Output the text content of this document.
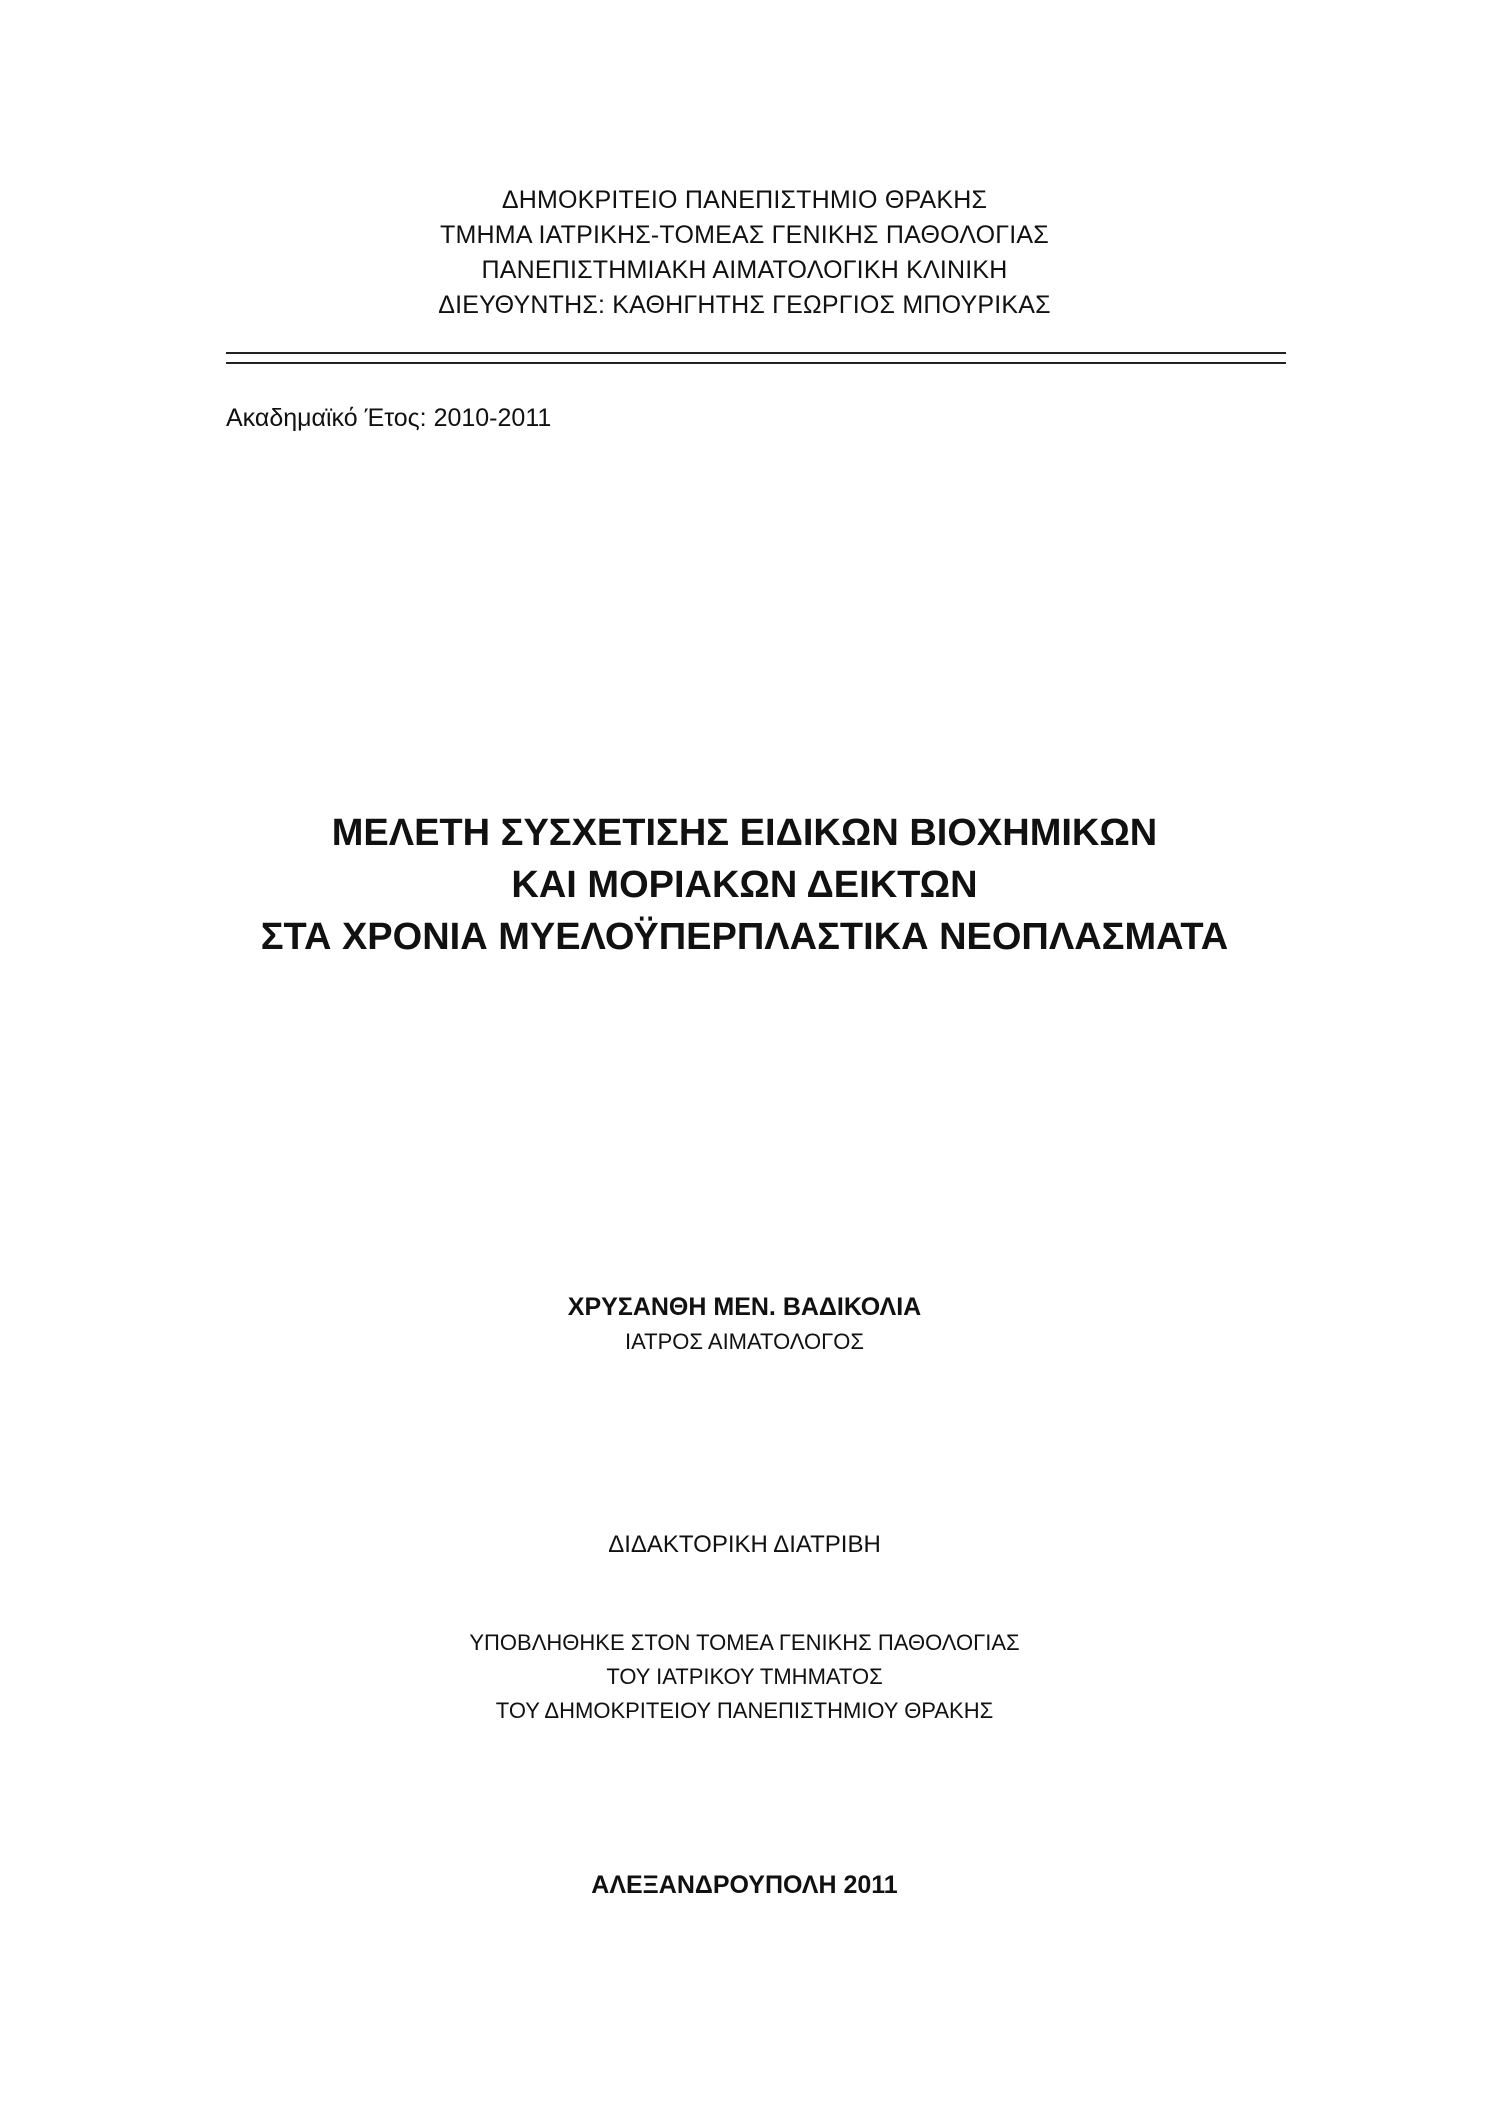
ΔΗΜΟΚΡΙΤΕΙΟ ΠΑΝΕΠΙΣΤΗΜΙΟ ΘΡΑΚΗΣ
ΤΜΗΜΑ ΙΑΤΡΙΚΗΣ-ΤΟΜΕΑΣ ΓΕΝΙΚΗΣ ΠΑΘΟΛΟΓΙΑΣ
ΠΑΝΕΠΙΣΤΗΜΙΑΚΗ ΑΙΜΑΤΟΛΟΓΙΚΗ ΚΛΙΝΙΚΗ
ΔΙΕΥΘΥΝΤΗΣ: ΚΑΘΗΓΗΤΗΣ ΓΕΩΡΓΙΟΣ ΜΠΟΥΡΙΚΑΣ
Ακαδημαϊκό Έτος: 2010-2011
ΜΕΛΕΤΗ ΣΥΣΧΕΤΙΣΗΣ ΕΙΔΙΚΩΝ ΒΙΟΧΗΜΙΚΩΝ
ΚΑΙ ΜΟΡΙΑΚΩΝ ΔΕΙΚΤΩΝ
ΣΤΑ ΧΡΟΝΙΑ ΜΥΕΛΟΫΠΕΡΠΛΑΣΤΙΚΑ ΝΕΟΠΛΑΣΜΑΤΑ
ΧΡΥΣΑΝΘΗ ΜΕΝ. ΒΑΔΙΚΟΛΙΑ
ΙΑΤΡΟΣ ΑΙΜΑΤΟΛΟΓΟΣ
ΔΙΔΑΚΤΟΡΙΚΗ ΔΙΑΤΡΙΒΗ
ΥΠΟΒΛΗΘΗΚΕ ΣΤΟΝ ΤΟΜΕΑ ΓΕΝΙΚΗΣ ΠΑΘΟΛΟΓΙΑΣ
ΤΟΥ ΙΑΤΡΙΚΟΥ ΤΜΗΜΑΤΟΣ
ΤΟΥ ΔΗΜΟΚΡΙΤΕΙΟΥ ΠΑΝΕΠΙΣΤΗΜΙΟΥ ΘΡΑΚΗΣ
ΑΛΕΞΑΝΔΡΟΥΠΟΛΗ 2011
